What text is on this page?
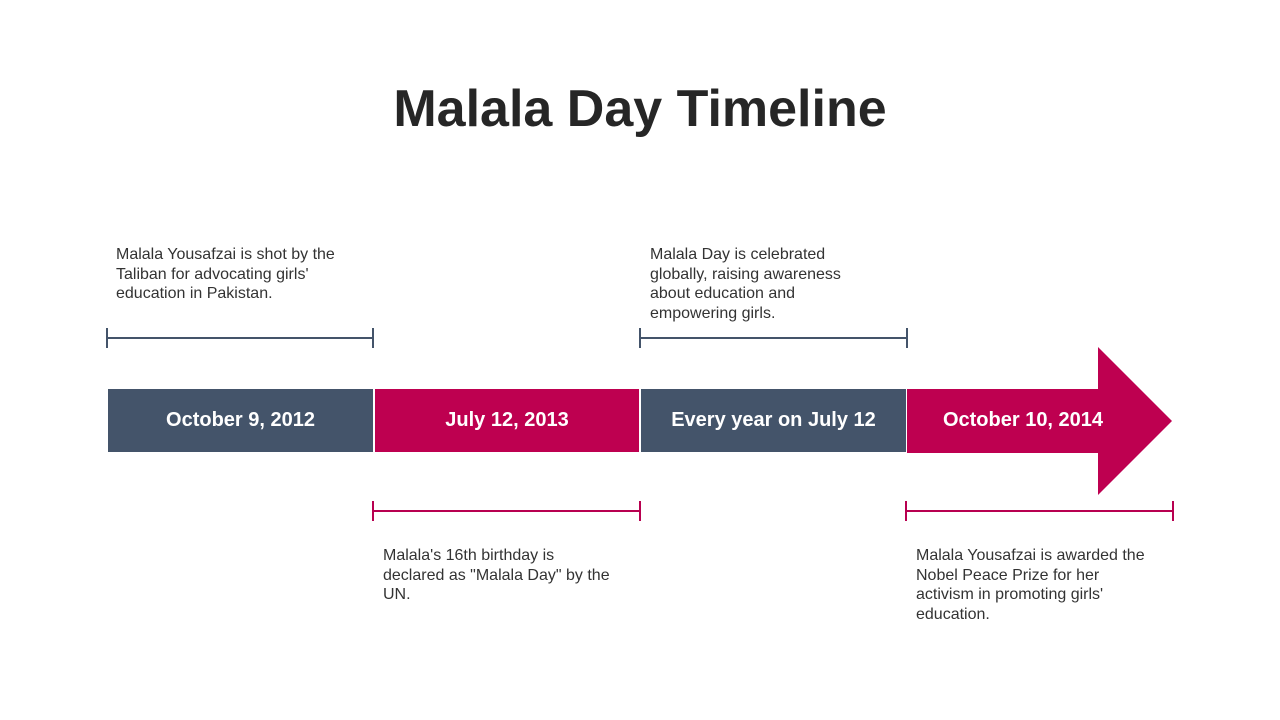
Malala Day Timeline

Malala Yousafzai is shot by the Taliban for advocating girls' education in Pakistan.

October 9, 2012	July 12, 2013

Malala's 16th birthday is declared as "Malala Day" by the UN.

Malala Day is celebrated globally, raising awareness about education and empowering girls.

Every year on July 12	October 10, 2014

Malala Yousafzai is awarded the Nobel Peace Prize for her activism in promoting girls' education.
